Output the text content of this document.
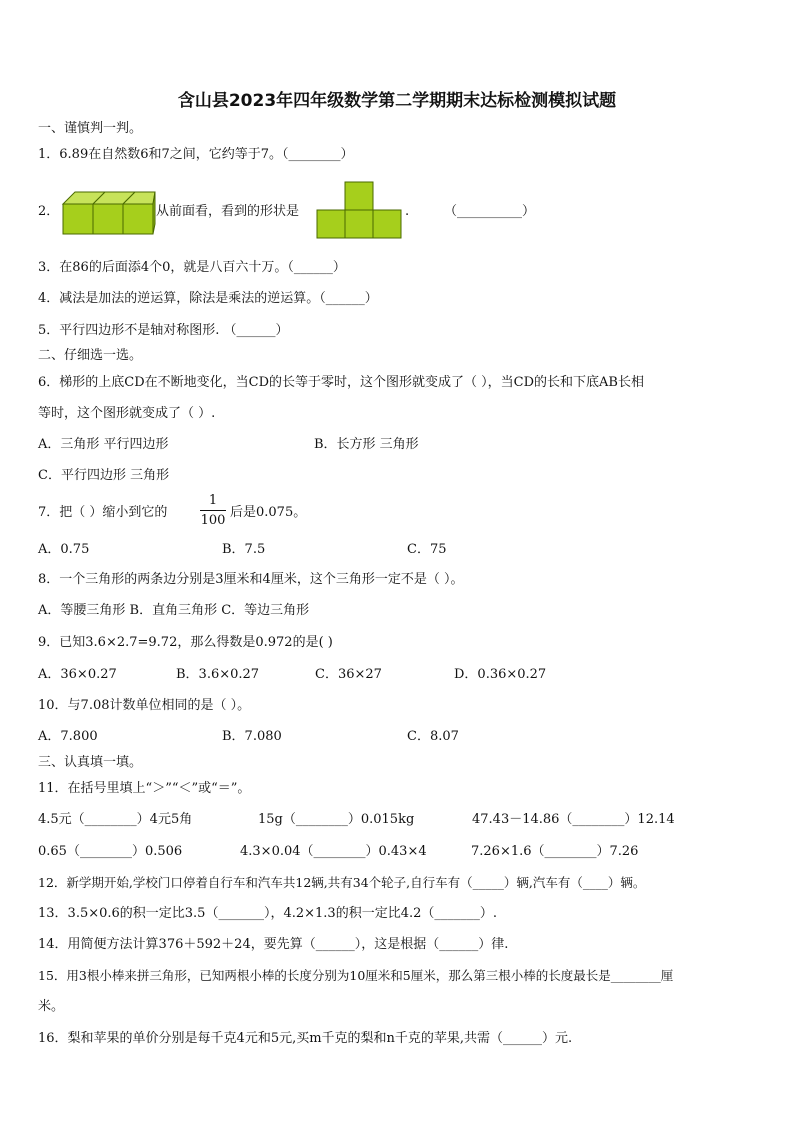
含山县2023年四年级数学第二学期期末达标检测模拟试题
一、谨慎判一判。
1．6.89在自然数6和7之间，它约等于7。（________）
2．	从前面看，看到的形状是	.	（__________）
3．在86的后面添4个0，就是八百六十万。（______）
4．减法是加法的逆运算，除法是乘法的逆运算。（______）
5．平行四边形不是轴对称图形. （______）
二、仔细选一选。
6．梯形的上底CD在不断地变化，当CD的长等于零时，这个图形就变成了（ ），当CD的长和下底AB长相
等时，这个图形就变成了（ ）.
A．三角形 平行四边形	B．长方形 三角形
C．平行四边形 三角形
7．把（ ）缩小到它的	$\frac{1}{100}$ 后是0.075。
A．0.75	B．7.5	C．75
8．一个三角形的两条边分别是3厘米和4厘米，这个三角形一定不是（ ）。
A．等腰三角形 B．直角三角形 C．等边三角形
9．已知3.6×2.7=9.72，那么得数是0.972的是( )
A．36×0.27	B．3.6×0.27	C．36×27	D．0.36×0.27
10．与7.08计数单位相同的是（ ）。
A．7.800	B．7.080	C．8.07
三、认真填一填。
11．在括号里填上“＞”“＜”或“＝”。
4.5元（________）4元5角	15g（________）0.015kg	47.43－14.86（________）12.14
0.65（________）0.506	4.3×0.04（________）0.43×4	7.26×1.6（________）7.26
12．新学期开始,学校门口停着自行车和汽车共12辆,共有34个轮子,自行车有（_____）辆,汽车有（____）辆。
13．3.5×0.6的积一定比3.5（_______），4.2×1.3的积一定比4.2（_______）.
14．用简便方法计算376＋592＋24，要先算（______），这是根据（______）律.
15．用3根小棒来拼三角形，已知两根小棒的长度分别为10厘米和5厘米，那么第三根小棒的长度最长是________厘
米。
16．梨和苹果的单价分别是每千克4元和5元,买m千克的梨和n千克的苹果,共需（______）元.
